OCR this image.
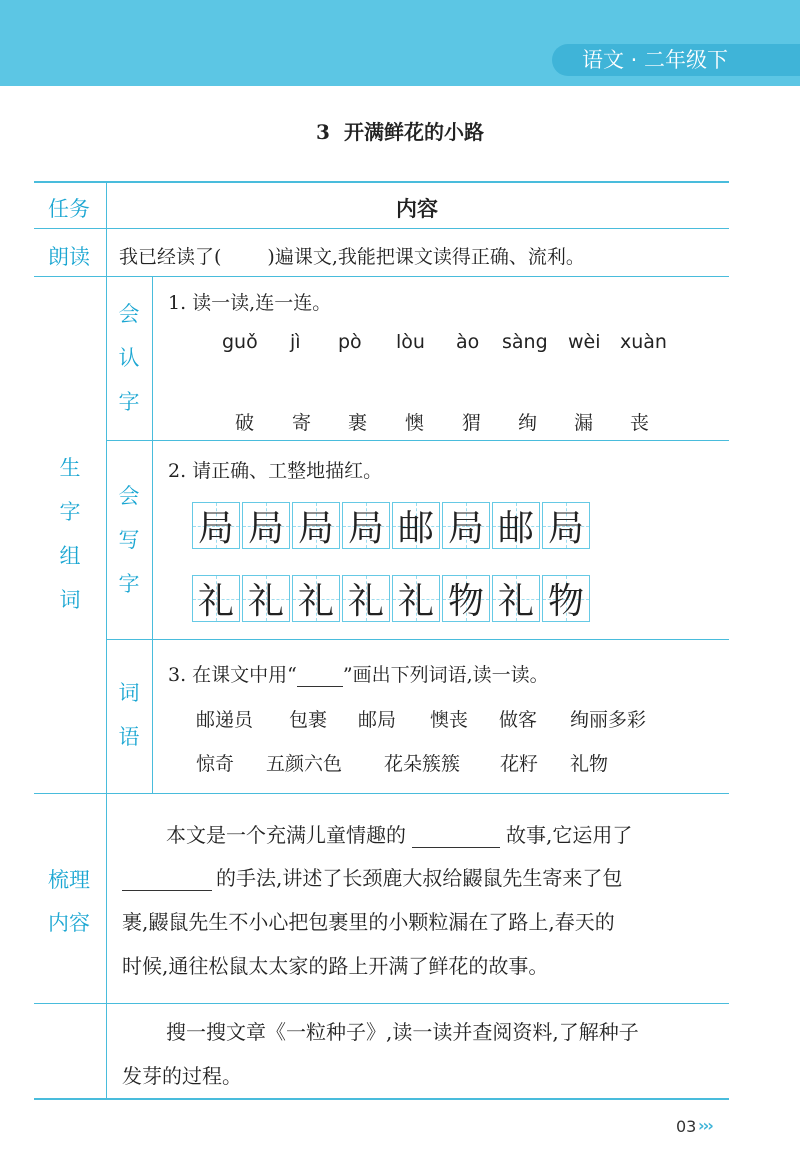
语文 · 二年级下
3 开满鲜花的小路
任务	内容
朗读 我已经读了( )遍课文,我能把课文读得正确、流利。
生
字
组
词
会
认
字
1. 读一读,连一连。
guǒ jì pò lòu ào sàng wèi xuàn
破 寄 裹 懊 猬 绚 漏 丧
会
写
字
2. 请正确、工整地描红。
局 局 局 局 邮 局 邮 局
礼 礼 礼 礼 礼 物 礼 物
词
语
3. 在课文中用“ ”画出下列词语,读一读。
邮递员 包裹 邮局 懊丧 做客 绚丽多彩
惊奇 五颜六色 花朵簇簇 花籽 礼物
梳理
内容
本文是一个充满儿童情趣的	故事,它运用了
的手法,讲述了长颈鹿大叔给鼹鼠先生寄来了包
裹,鼹鼠先生不小心把包裹里的小颗粒漏在了路上,春天的
时候,通往松鼠太太家的路上开满了鲜花的故事。
搜一搜文章《一粒种子》,读一读并查阅资料,了解种子
发芽的过程。
03 ›››
